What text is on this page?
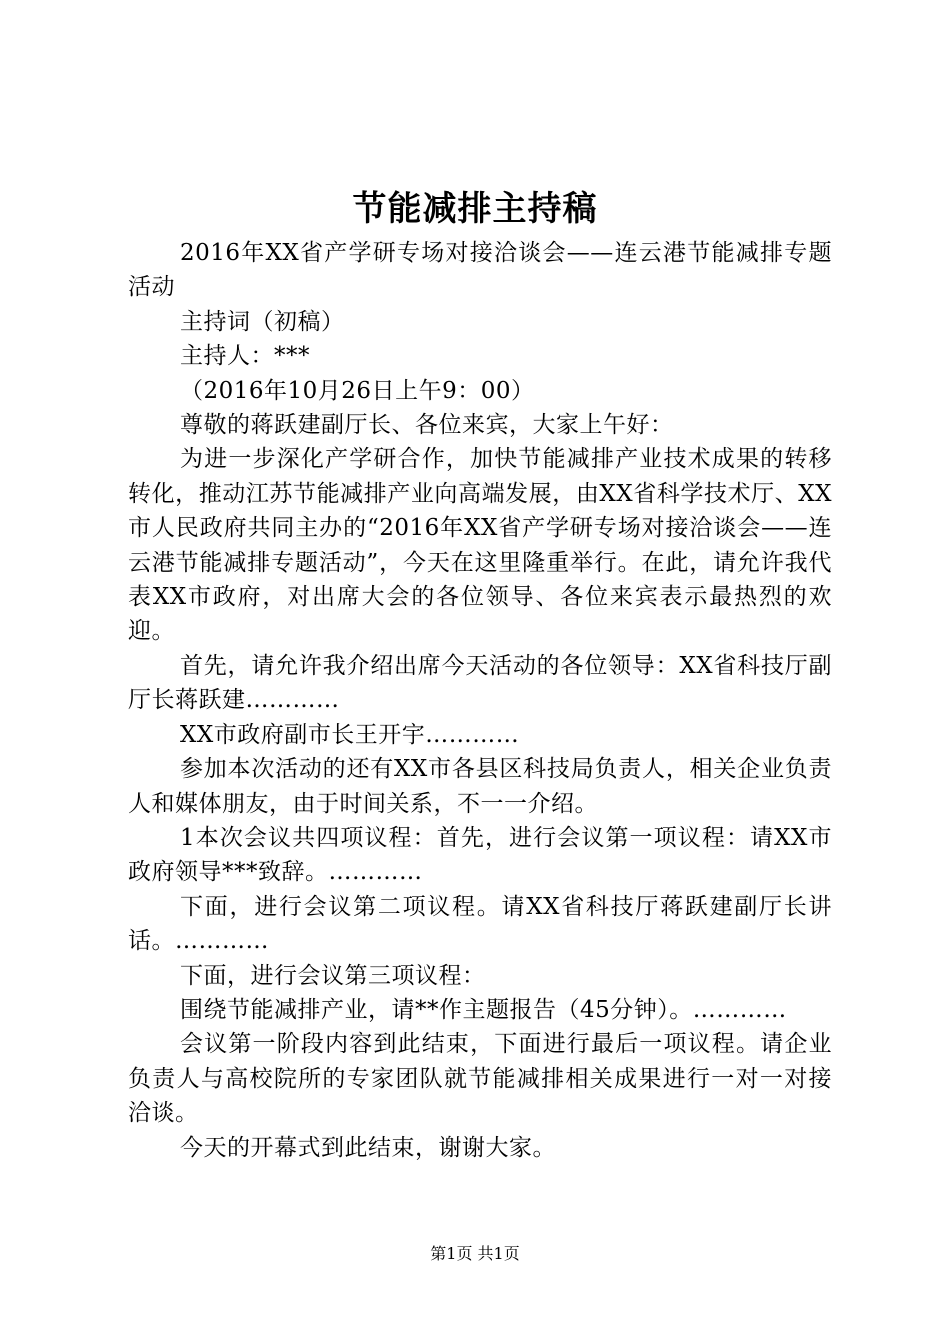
节能减排主持稿

2016年XX省产学研专场对接洽谈会——连云港节能减排专题活动

主持词（初稿）

主持人：***

（2016年10月26日上午9：00）

尊敬的蒋跃建副厅长、各位来宾，大家上午好：

为进一步深化产学研合作，加快节能减排产业技术成果的转移转化，推动江苏节能减排产业向高端发展，由XX省科学技术厅、XX市人民政府共同主办的“2016年XX省产学研专场对接洽谈会——连云港节能减排专题活动”，今天在这里隆重举行。在此，请允许我代表XX市政府，对出席大会的各位领导、各位来宾表示最热烈的欢迎。

首先，请允许我介绍出席今天活动的各位领导：XX省科技厅副厅长蒋跃建…………

XX市政府副市长王开宇…………

参加本次活动的还有XX市各县区科技局负责人，相关企业负责人和媒体朋友，由于时间关系，不一一介绍。

1本次会议共四项议程：首先，进行会议第一项议程：请XX市政府领导***致辞。…………

下面，进行会议第二项议程。请XX省科技厅蒋跃建副厅长讲话。…………

下面，进行会议第三项议程：

围绕节能减排产业，请**作主题报告（45分钟）。…………

会议第一阶段内容到此结束，下面进行最后一项议程。请企业负责人与高校院所的专家团队就节能减排相关成果进行一对一对接洽谈。

今天的开幕式到此结束，谢谢大家。

第1页 共1页
